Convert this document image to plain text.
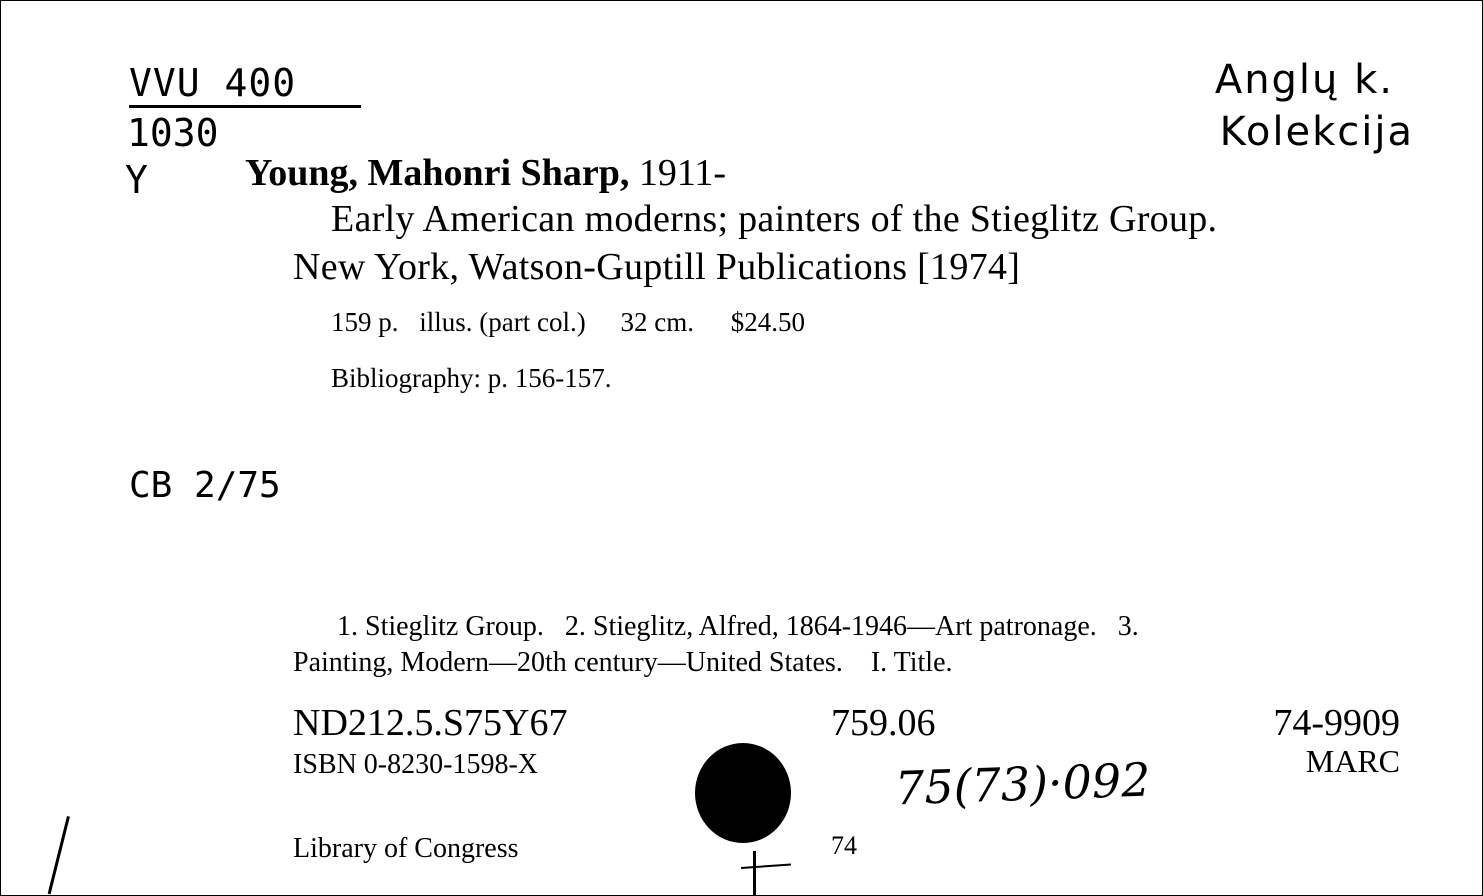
VVU 400
1030
Y
Anglų k.
Kolekcija
Young, Mahonri Sharp, 1911-
Early American moderns; painters of the Stieglitz Group.
New York, Watson-Guptill Publications [1974]
159 p. illus. (part col.) 32 cm. $24.50
Bibliography: p. 156-157.
CB 2/75
1. Stieglitz Group.   2. Stieglitz, Alfred, 1864-1946—Art patronage.   3.
Painting, Modern—20th century—United States.    I. Title.
ND212.5.S75Y67	759.06	74-9909
ISBN 0-8230-1598-X	MARC
Library of Congress	74
75(73)·092
